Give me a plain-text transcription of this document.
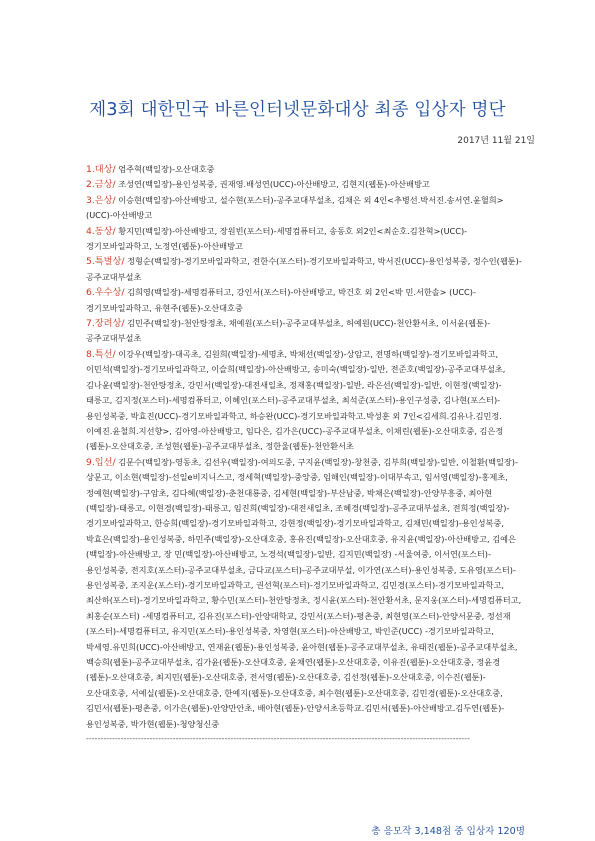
제3회 대한민국 바른인터넷문화대상 최종 입상자 명단
2017년 11월 21일

1.대상/ 엄주혁(백일장)-오산대호중

2.금상/ 조성연(백일장)-용인성복중, 권재영.배성연(UCC)-아산배방고, 김현지(웹툰)-아산배방고

3.은상/ 이승현(백일장)-아산배방고, 설수현(포스터)-공주교대부설초, 김채은 외 4인<추병선.박서진.송서연.윤혈희>(UCC)-아산배방고

4.동상/ 황지민(백일장)-아산배방고, 장원빈(포스터)-세명컴퓨터고, 송동호 외2인<최순호.김찬혁>(UCC)-경기모바일과학고, 노정연(웹툰)-아산배방고

5.특별상/ 정형순(백일장)-경기모바일과학고, 전한수(포스터)-경기모바일과학고, 박서진(UCC)-용인성복중, 정수인(웹툰)-공주교대부설초

6.우수상/ 김희영(백일장)-세명컴퓨터고, 강인서(포스터)-아산배방고, 박건호 외 2인<박 민.서한솔> (UCC)-경기모바일과학고, 유현주(웹툰)-오산대호중

7.장려상/ 김민주(백일장)-천안탕정초, 채예원(포스터)-공주교대부설초, 허예원(UCC)-천안환서초, 이서윤(웹툰)-공주교대부설초

8.특선/ 이강우(백일장)-대곡초, 김원희(백일장)-세명초, 박채선(백일장)-상암고, 전명하(백일장)-경기모바일과학고, 이민석(백일장)-경기모바일과학고, 이슬희(백일장)-아산배방고, 송미숙(백일장)-일반, 전준호(백일장)-공주교대부설초, 김나윤(백일장)-천안탕정초, 강민서(백일장)-대전새일초, 정재홍(백일장)-일반, 라은선(백일장)-일반, 이현정(백일장)-태릉고, 김지정(포스터)-세명컴퓨터고, 이혜인(포스터)-공주교대부설초, 최석준(포스터)-용인구성중, 김나현(포스터)-용인성복중, 박효진(UCC)-경기모바일과학고, 하승완(UCC)-경기모바일과학고.박성훈 외 7인<김세희.김유나.김민정.이예진.윤철희.지선향>, 김아영-아산배방고, 임다은, 김가은(UCC)-공주교대부설초, 이채린(웹툰)-오산대호중, 김은정(웹툰)-오산대호중, 조성현(웹툰)-공주교대부설초, 정한울(웹툰)-천안환서초

9.입선/ 김문수(백일장)-영동초, 김선우(백일장)-여의도중, 구지윤(백일장)-창천중, 김부희(백일장)-일반, 이철환(백일장)-상문고, 이소현(백일장)-선일e비지니스고, 정세혁(백일장)-중앙중, 임해인(백일장)-이대부속고, 임서영(백일장)-홍제초, 정예현(백일장)-구암초, 김다혜(백일장)-춘천대룡중, 김세현(백일장)-부산남중, 박채은(백일장)-안양부흥중, 최아현(백일장)-태릉고, 이현경(백일장)-태릉고, 임진희(백일장)-대전새일초, 조혜경(백일장)-공주교대부설초, 전희정(백일장)-경기모바일과학고, 한승희(백일장)-경기모바일과학고, 강현정(백일장)-경기모바일과학고, 김채민(백일장)-용인성복중, 박효은(백일장)-용인성복중, 하민주(백일장)-오산대호중, 홍유진(백일장)-오산대호중, 유지윤(백일장)-아산배방고, 김예은(백일장)-아산배방고, 장 민(백일장)-아산배방고, 노경석(백일장)-일반, 김지민(백일장) -서울여중, 이서연(포스터)-용인성복중, 전지호(포스터)-공주교대부설초, 금다교(포스터)-공주교대부설, 이가연(포스터)-용인성복중, 도유영(포스터)-용인성복중, 조지운(포스터)-경기모바일과학고, 권선혁(포스터)-경기모바일과학고, 김민경(포스터)-경기모바일과학고, 최산하(포스터)-경기모바일과학고, 황수민(포스터)-천안탕정초, 정시윤(포스터)-천안환서초, 문지웅(포스터)-세명컴퓨터고, 최홍순(포스터) -세명컴퓨터고, 김유진(포스터)-안양대학교, 강민서(포스터)-평촌중, 최현영(포스터)-안양서문중, 정선재(포스터)-세명컴퓨터고, 유지민(포스터)-용인성복중, 차영현(포스터)-아산배방고, 박인준(UCC) -경기모바일과학고, 박세영.유민희(UCC)-아산배방고, 연재윤(웹툰)-용인성복중, 윤아현(웹툰)-공주교대부설초, 유태진(웹툰)-공주교대부설초, 백승희(웹툰)-공주교대부설초, 김가윤(웹툰)-오산대호중, 윤채연(웹툰)-오산대호중, 이유진(웹툰)-오산대호중, 정윤경(웹툰)-오산대호중, 최지민(웹툰)-오산대호중, 전서영(웹툰)-오산대호중, 김선정(웹툰)-오산대호중, 이수진(웹툰)-오산대호중, 서예실(웹툰)-오산대호중, 한예지(웹툰)-오산대호중, 최수현(웹툰)-오산대호중, 김민경(웹툰)-오산대호중, 김민서(웹툰)-평촌중, 이가은(웹툰)-안양만안초, 배아현(웹툰)-안양서초등학교.김민서(웹툰)-아산배방고.김두연(웹툰)-용인성복중, 박가현(웹툰)-청양청신중

-------------------------------------------------------------------------------------------------------------------------------------
총 응모작 3,148점 중 입상자 120명
